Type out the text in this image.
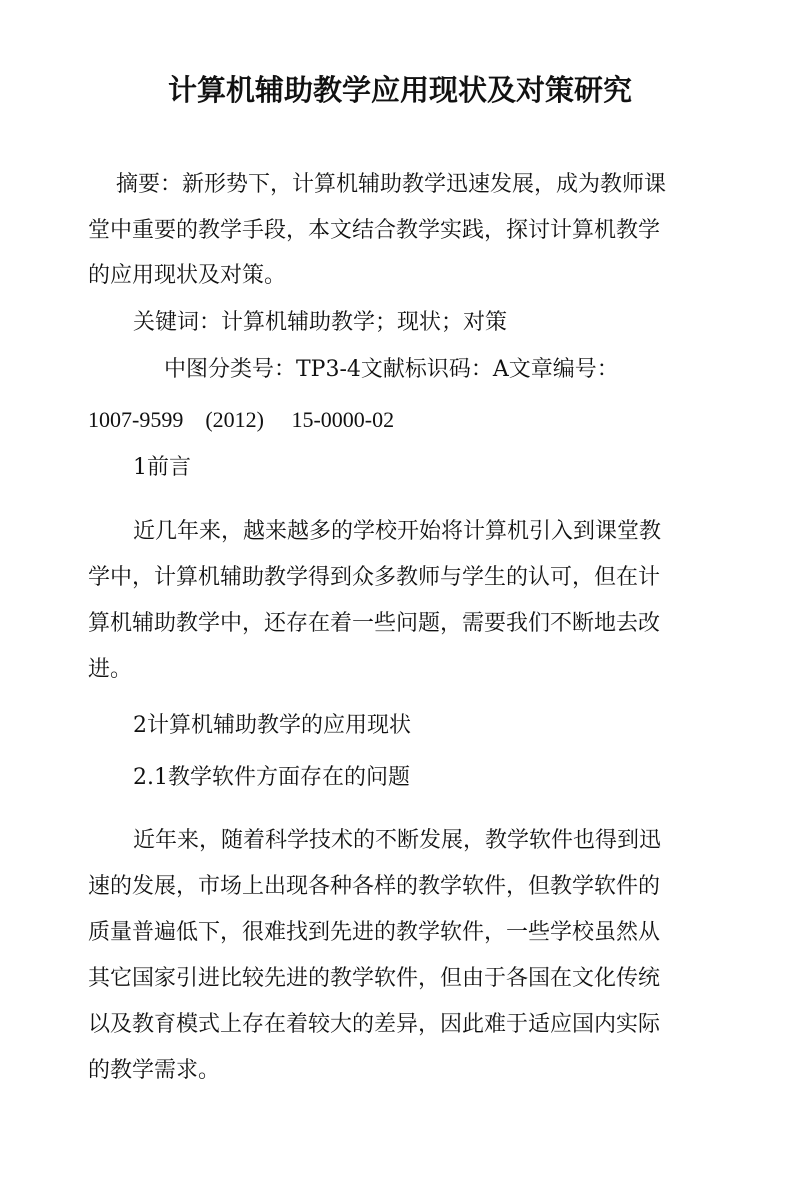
计算机辅助教学应用现状及对策研究

摘要：新形势下，计算机辅助教学迅速发展，成为教师课

堂中重要的教学手段，本文结合教学实践，探讨计算机教学

的应用现状及对策。

关键词：计算机辅助教学；现状；对策

中图分类号：TP3-4文献标识码：A文章编号：

1007-9599    (2012)     15-0000-02

1前言

近几年来，越来越多的学校开始将计算机引入到课堂教

学中，计算机辅助教学得到众多教师与学生的认可，但在计

算机辅助教学中，还存在着一些问题，需要我们不断地去改

进。

2计算机辅助教学的应用现状

2.1教学软件方面存在的问题

近年来，随着科学技术的不断发展，教学软件也得到迅

速的发展，市场上出现各种各样的教学软件，但教学软件的

质量普遍低下，很难找到先进的教学软件，一些学校虽然从

其它国家引进比较先进的教学软件，但由于各国在文化传统

以及教育模式上存在着较大的差异，因此难于适应国内实际

的教学需求。
